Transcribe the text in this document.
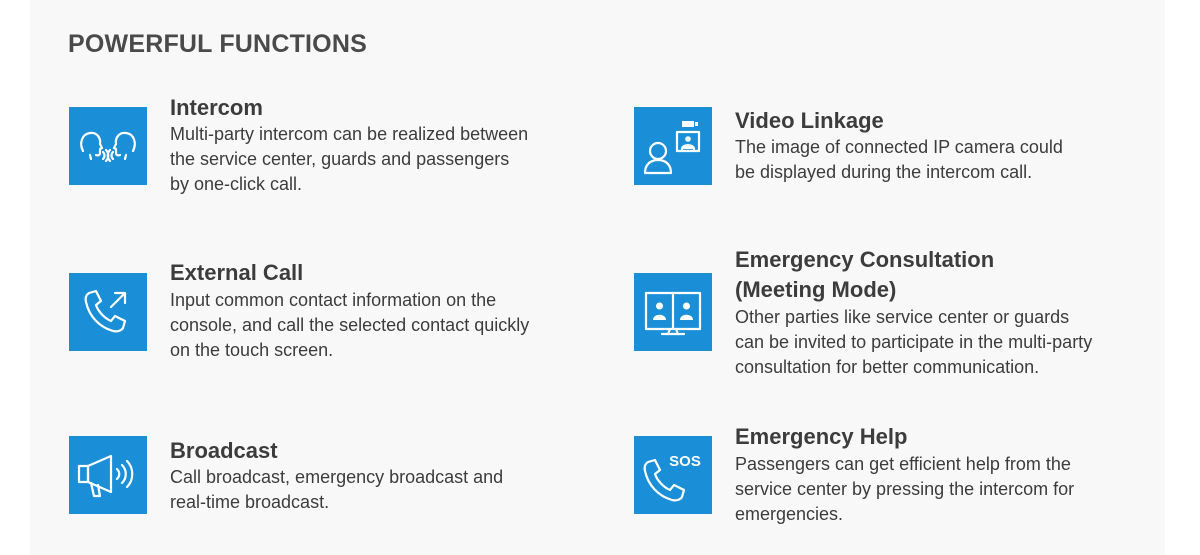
POWERFUL FUNCTIONS
Intercom
Multi-party intercom can be realized between
the service center, guards and passengers
by one-click call.
Video Linkage
The image of connected IP camera could
be displayed during the intercom call.
External Call
Input common contact information on the
console, and call the selected contact quickly
on the touch screen.
Emergency Consultation
(Meeting Mode)
Other parties like service center or guards
can be invited to participate in the multi-party
consultation for better communication.
Broadcast
Call broadcast, emergency broadcast and
real-time broadcast.
SOS
Emergency Help
Passengers can get efficient help from the
service center by pressing the intercom for
emergencies.
